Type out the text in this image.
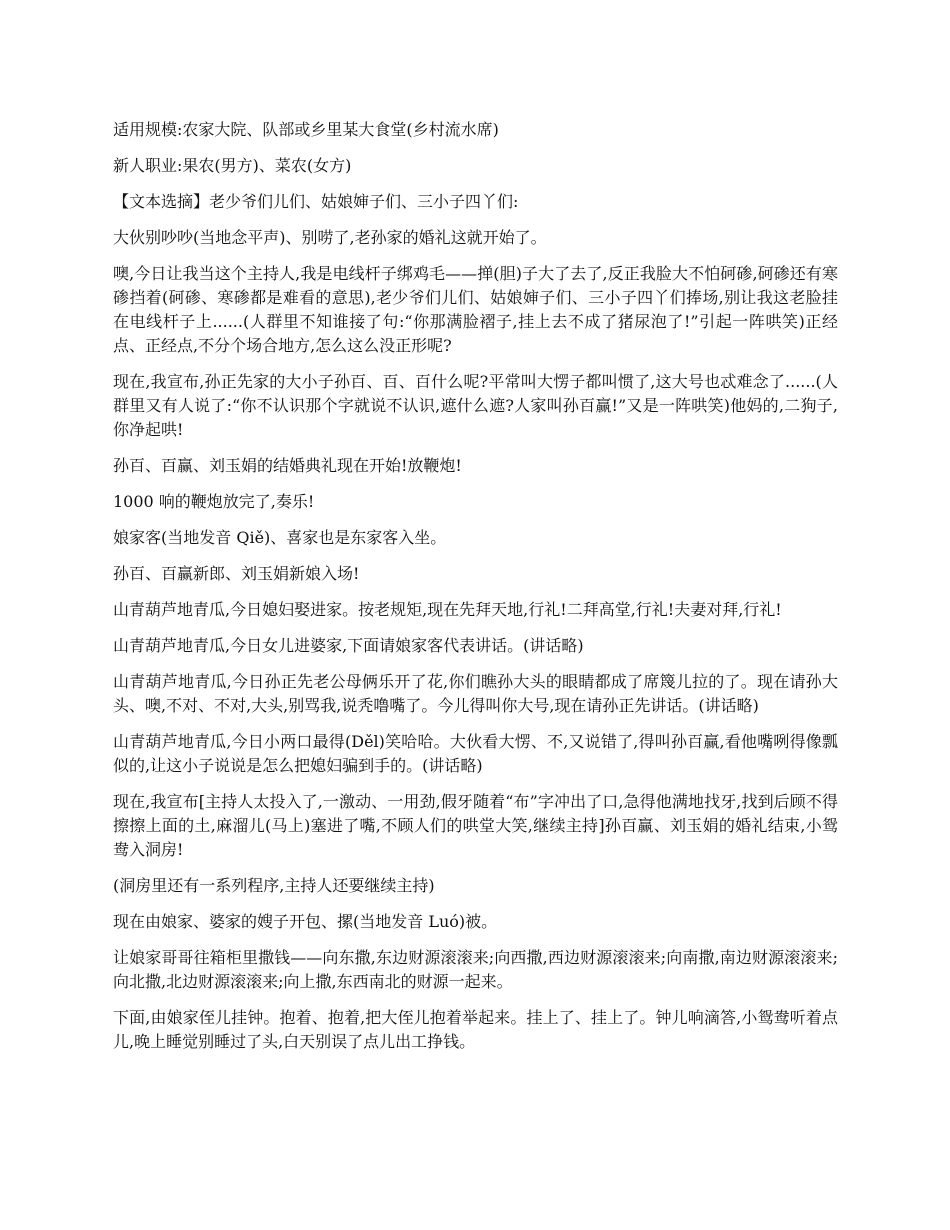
适用规模:农家大院、队部或乡里某大食堂(乡村流水席)

新人职业:果农(男方)、菜农(女方)

【文本选摘】老少爷们儿们、姑娘婶子们、三小子四丫们:

大伙别吵吵(当地念平声)、别唠了,老孙家的婚礼这就开始了。

噢,今日让我当这个主持人,我是电线杆子绑鸡毛——掸(胆)子大了去了,反正我脸大不怕砢碜,砢碜还有寒碜挡着(砢碜、寒碜都是难看的意思),老少爷们儿们、姑娘婶子们、三小子四丫们捧场,别让我这老脸挂在电线杆子上......(人群里不知谁接了句:“你那满脸褶子,挂上去不成了猪尿泡了!”引起一阵哄笑)正经点、正经点,不分个场合地方,怎么这么没正形呢?

现在,我宣布,孙正先家的大小子孙百、百、百什么呢?平常叫大愣子都叫惯了,这大号也忒难念了......(人群里又有人说了:“你不认识那个字就说不认识,遮什么遮?人家叫孙百赢!”又是一阵哄笑)他妈的,二狗子,你净起哄!

孙百、百赢、刘玉娟的结婚典礼现在开始!放鞭炮!

1000 响的鞭炮放完了,奏乐!

娘家客(当地发音 Qiě)、喜家也是东家客入坐。

孙百、百赢新郎、刘玉娟新娘入场!

山青葫芦地青瓜,今日媳妇娶进家。按老规矩,现在先拜天地,行礼!二拜高堂,行礼!夫妻对拜,行礼!

山青葫芦地青瓜,今日女儿进婆家,下面请娘家客代表讲话。(讲话略)

山青葫芦地青瓜,今日孙正先老公母俩乐开了花,你们瞧孙大头的眼睛都成了席篾儿拉的了。现在请孙大头、噢,不对、不对,大头,别骂我,说秃噜嘴了。今儿得叫你大号,现在请孙正先讲话。(讲话略)

山青葫芦地青瓜,今日小两口最得(Děl)笑哈哈。大伙看大愣、不,又说错了,得叫孙百赢,看他嘴咧得像瓢似的,让这小子说说是怎么把媳妇骗到手的。(讲话略)

现在,我宣布[主持人太投入了,一激动、一用劲,假牙随着“布”字冲出了口,急得他满地找牙,找到后顾不得擦擦上面的土,麻溜儿(马上)塞进了嘴,不顾人们的哄堂大笑,继续主持]孙百赢、刘玉娟的婚礼结束,小鸳鸯入洞房!

(洞房里还有一系列程序,主持人还要继续主持)

现在由娘家、婆家的嫂子开包、摞(当地发音 Luó)被。

让娘家哥哥往箱柜里撒钱——向东撒,东边财源滚滚来;向西撒,西边财源滚滚来;向南撒,南边财源滚滚来;向北撒,北边财源滚滚来;向上撒,东西南北的财源一起来。

下面,由娘家侄儿挂钟。抱着、抱着,把大侄儿抱着举起来。挂上了、挂上了。钟儿响滴答,小鸳鸯听着点儿,晚上睡觉别睡过了头,白天别误了点儿出工挣钱。
